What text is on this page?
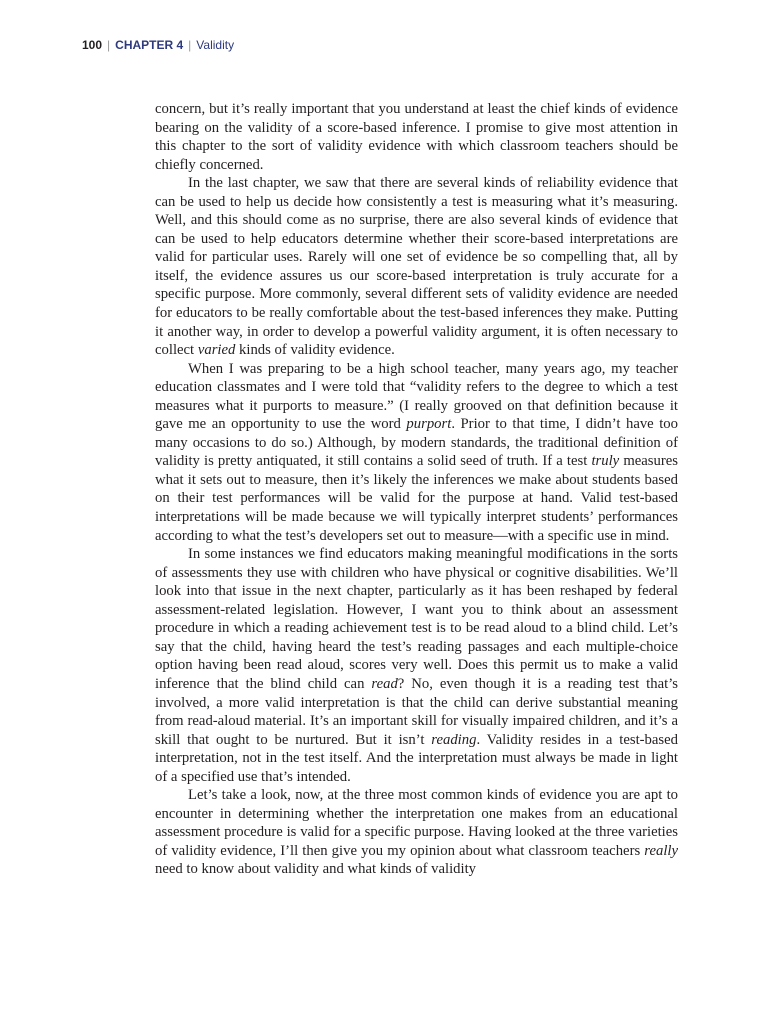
100 | CHAPTER 4 | Validity

concern, but it’s really important that you understand at least the chief kinds of evidence bearing on the validity of a score-based inference. I promise to give most attention in this chapter to the sort of validity evidence with which classroom teachers should be chiefly concerned.

In the last chapter, we saw that there are several kinds of reliability evidence that can be used to help us decide how consistently a test is measuring what it’s measuring. Well, and this should come as no surprise, there are also several kinds of evidence that can be used to help educators determine whether their score-based interpretations are valid for particular uses. Rarely will one set of evidence be so compelling that, all by itself, the evidence assures us our score-based interpretation is truly accurate for a specific purpose. More commonly, several different sets of validity evidence are needed for educators to be really comfortable about the test-based inferences they make. Putting it another way, in order to develop a powerful validity argument, it is often necessary to collect varied kinds of validity evidence.

When I was preparing to be a high school teacher, many years ago, my teacher education classmates and I were told that “validity refers to the degree to which a test measures what it purports to measure.” (I really grooved on that definition because it gave me an opportunity to use the word purport. Prior to that time, I didn’t have too many occasions to do so.) Although, by modern standards, the traditional definition of validity is pretty antiquated, it still contains a solid seed of truth. If a test truly measures what it sets out to measure, then it’s likely the inferences we make about students based on their test performances will be valid for the purpose at hand. Valid test-based interpretations will be made because we will typically interpret students’ performances according to what the test’s developers set out to measure—with a specific use in mind.

In some instances we find educators making meaningful modifications in the sorts of assessments they use with children who have physical or cognitive disabilities. We’ll look into that issue in the next chapter, particularly as it has been reshaped by federal assessment-related legislation. However, I want you to think about an assessment procedure in which a reading achievement test is to be read aloud to a blind child. Let’s say that the child, having heard the test’s reading passages and each multiple-choice option having been read aloud, scores very well. Does this permit us to make a valid inference that the blind child can read? No, even though it is a reading test that’s involved, a more valid interpretation is that the child can derive substantial meaning from read-aloud material. It’s an important skill for visually impaired children, and it’s a skill that ought to be nurtured. But it isn’t reading. Validity resides in a test-based interpretation, not in the test itself. And the interpretation must always be made in light of a specified use that’s intended.

Let’s take a look, now, at the three most common kinds of evidence you are apt to encounter in determining whether the interpretation one makes from an educational assessment procedure is valid for a specific purpose. Having looked at the three varieties of validity evidence, I’ll then give you my opinion about what classroom teachers really need to know about validity and what kinds of validity
